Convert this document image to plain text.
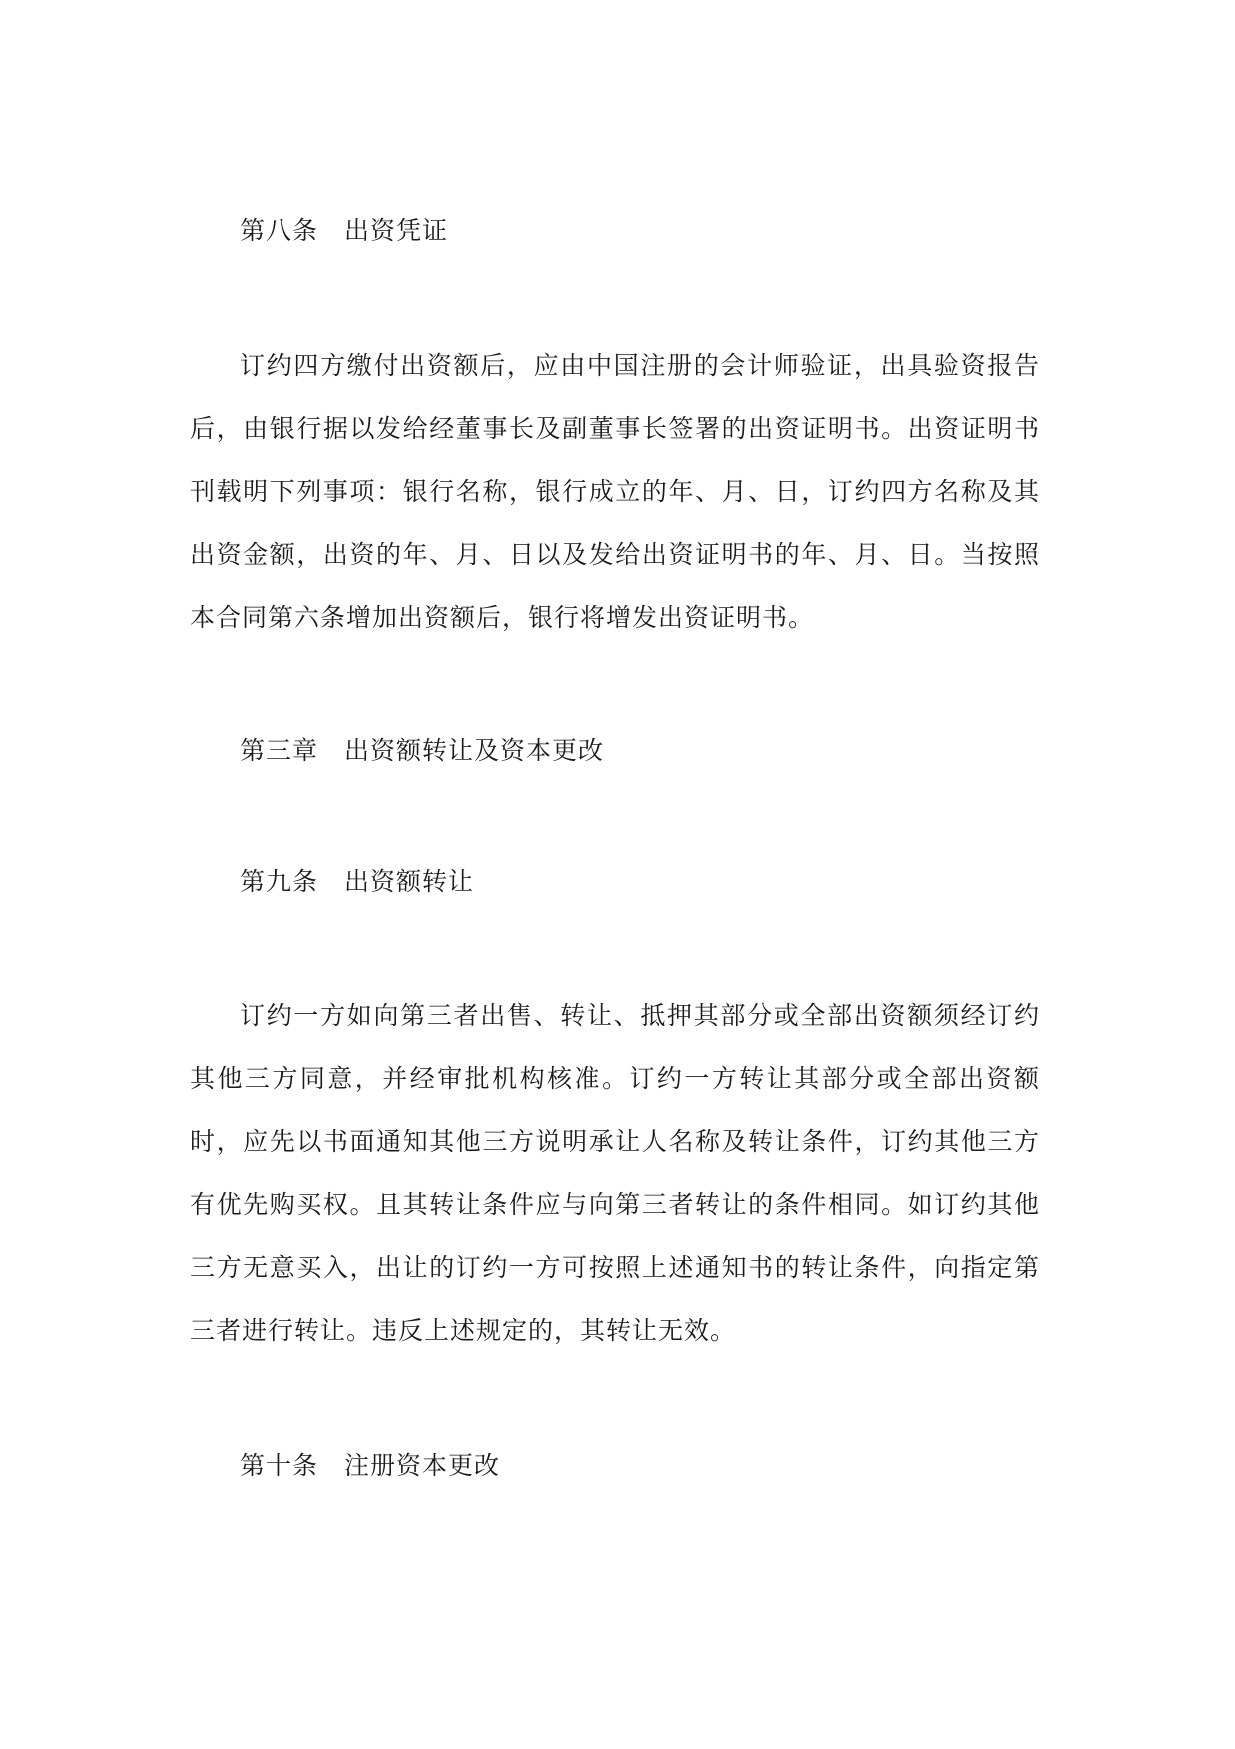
第八条　出资凭证

订约四方缴付出资额后，应由中国注册的会计师验证，出具验资报告后，由银行据以发给经董事长及副董事长签署的出资证明书。出资证明书刊载明下列事项：银行名称，银行成立的年、月、日，订约四方名称及其出资金额，出资的年、月、日以及发给出资证明书的年、月、日。当按照本合同第六条增加出资额后，银行将增发出资证明书。

第三章　出资额转让及资本更改
第九条　出资额转让

订约一方如向第三者出售、转让、抵押其部分或全部出资额须经订约其他三方同意，并经审批机构核准。订约一方转让其部分或全部出资额时，应先以书面通知其他三方说明承让人名称及转让条件，订约其他三方有优先购买权。且其转让条件应与向第三者转让的条件相同。如订约其他三方无意买入，出让的订约一方可按照上述通知书的转让条件，向指定第三者进行转让。违反上述规定的，其转让无效。

第十条　注册资本更改
